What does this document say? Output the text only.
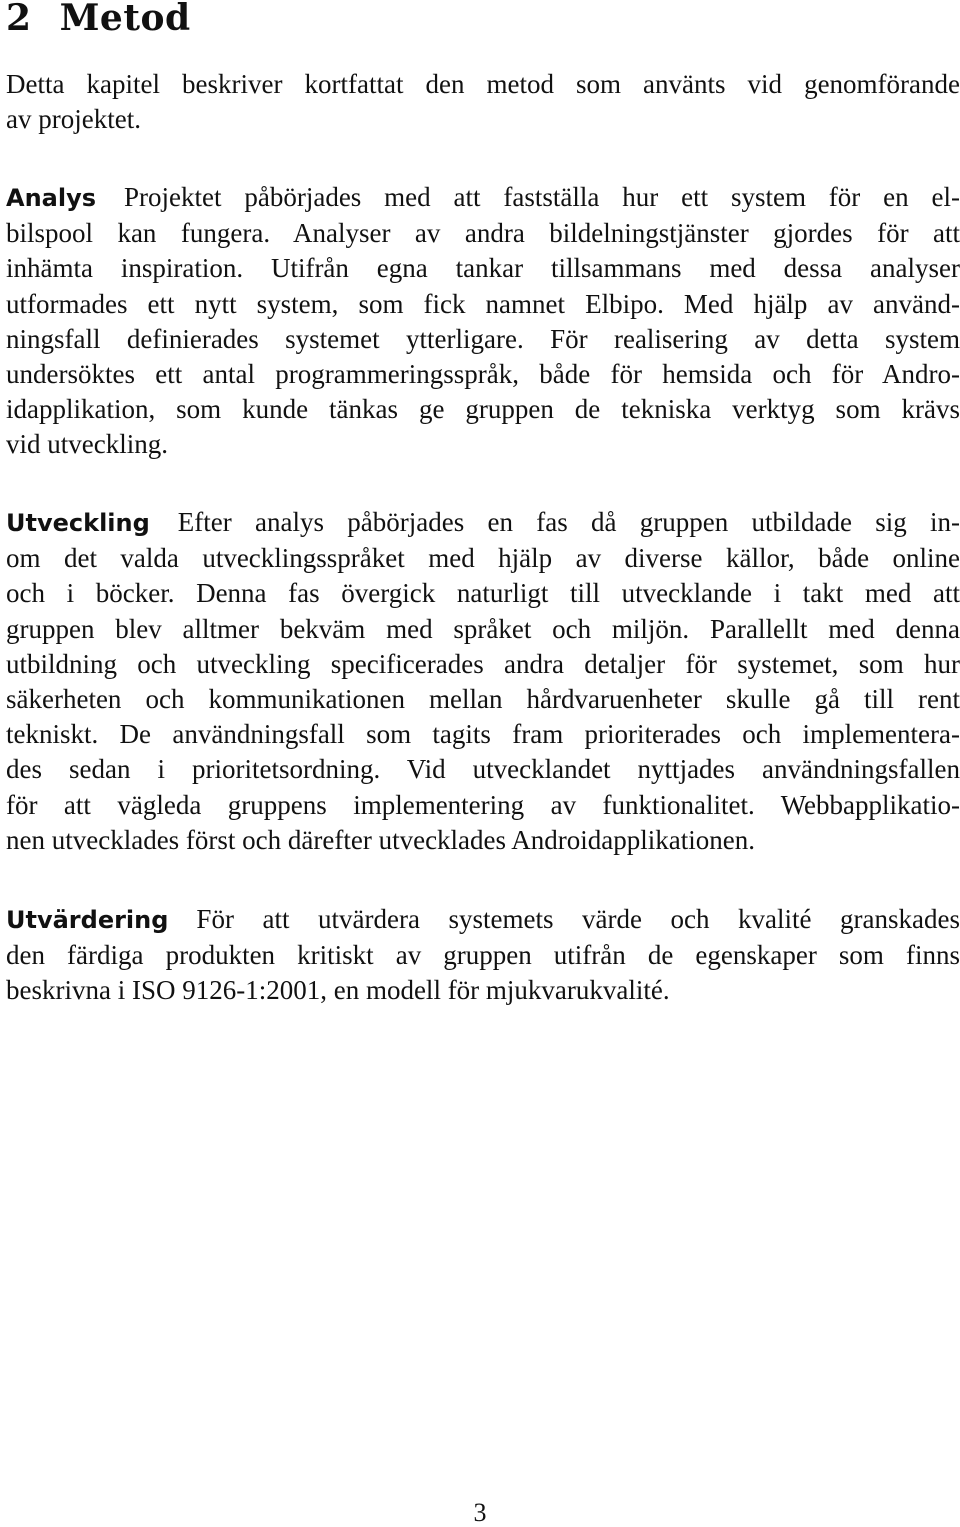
2 Metod
Detta kapitel beskriver kortfattat den metod som använts vid genomförande
av projektet.
Analys Projektet påbörjades med att fastställa hur ett system för en el-
bilspool kan fungera. Analyser av andra bildelningstjänster gjordes för att
inhämta inspiration. Utifrån egna tankar tillsammans med dessa analyser
utformades ett nytt system, som fick namnet Elbipo. Med hjälp av använd-
ningsfall definierades systemet ytterligare. För realisering av detta system
undersöktes ett antal programmeringsspråk, både för hemsida och för Andro-
idapplikation, som kunde tänkas ge gruppen de tekniska verktyg som krävs
vid utveckling.
Utveckling Efter analys påbörjades en fas då gruppen utbildade sig in-
om det valda utvecklingsspråket med hjälp av diverse källor, både online
och i böcker. Denna fas övergick naturligt till utvecklande i takt med att
gruppen blev alltmer bekväm med språket och miljön. Parallellt med denna
utbildning och utveckling specificerades andra detaljer för systemet, som hur
säkerheten och kommunikationen mellan hårdvaruenheter skulle gå till rent
tekniskt. De användningsfall som tagits fram prioriterades och implementera-
des sedan i prioritetsordning. Vid utvecklandet nyttjades användningsfallen
för att vägleda gruppens implementering av funktionalitet. Webbapplikatio-
nen utvecklades först och därefter utvecklades Androidapplikationen.
Utvärdering För att utvärdera systemets värde och kvalité granskades
den färdiga produkten kritiskt av gruppen utifrån de egenskaper som finns
beskrivna i ISO 9126-1:2001, en modell för mjukvarukvalité.
3
